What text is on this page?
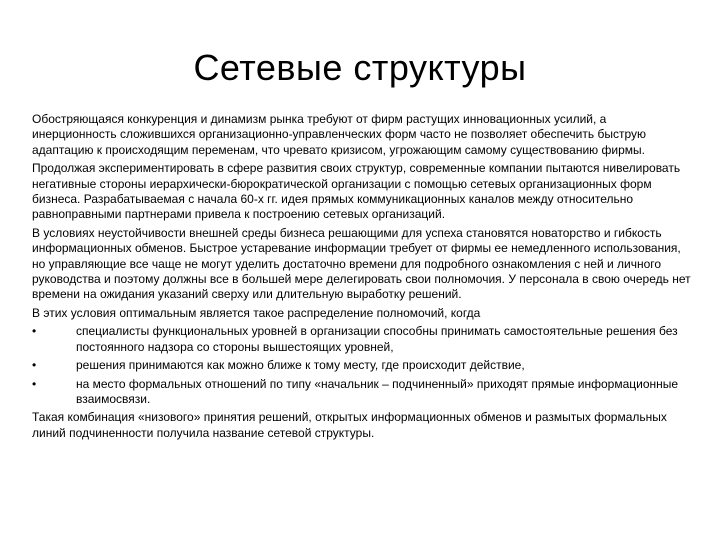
Сетевые структуры

Обостряющаяся конкуренция и динамизм рынка требуют от фирм растущих инновационных усилий, а инерционность сложившихся организационно-управленческих форм часто не позволяет обеспечить быструю адаптацию к происходящим переменам, что чревато кризисом, угрожающим самому существованию фирмы.

Продолжая экспериментировать в сфере развития своих структур, современные компании пытаются нивелировать негативные стороны иерархически-бюрократической организации с помощью сетевых организационных форм бизнеса. Разрабатываемая с начала 60-х гг. идея прямых коммуникационных каналов между относительно равноправными партнерами привела к построению сетевых организаций.

В условиях неустойчивости внешней среды бизнеса решающими для успеха становятся новаторство и гибкость информационных обменов. Быстрое устаревание информации требует от фирмы ее немедленного использования, но управляющие все чаще не могут уделить достаточно времени для подробного ознакомления с ней и личного руководства и поэтому должны все в большей мере делегировать свои полномочия. У персонала в свою очередь нет времени на ожидания указаний сверху или длительную выработку решений.

В этих условия оптимальным является такое распределение полномочий, когда

•	специалисты функциональных уровней в организации способны принимать самостоятельные решения без постоянного надзора со стороны вышестоящих уровней,
•	решения принимаются как можно ближе к тому месту, где происходит действие,
•	на место формальных отношений по типу «начальник – подчиненный» приходят прямые информационные взаимосвязи.

Такая комбинация «низового» принятия решений, открытых информационных обменов и размытых формальных линий подчиненности получила название сетевой структуры.
